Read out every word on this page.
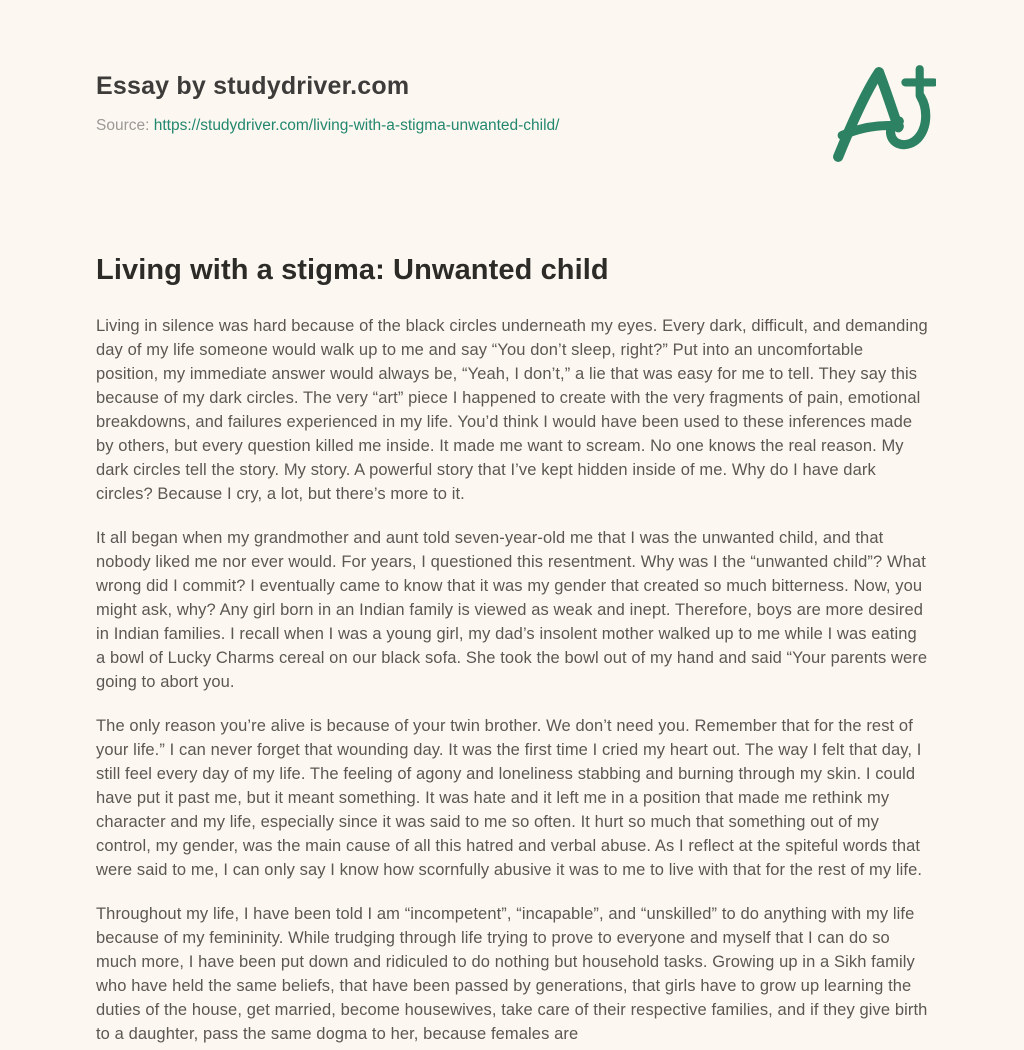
Essay by studydriver.com
Source: https://studydriver.com/living-with-a-stigma-unwanted-child/
Living with a stigma: Unwanted child

Living in silence was hard because of the black circles underneath my eyes. Every dark, difficult, and demanding day of my life someone would walk up to me and say “You don’t sleep, right?” Put into an uncomfortable position, my immediate answer would always be, “Yeah, I don’t,” a lie that was easy for me to tell. They say this because of my dark circles. The very “art” piece I happened to create with the very fragments of pain, emotional breakdowns, and failures experienced in my life. You’d think I would have been used to these inferences made by others, but every question killed me inside. It made me want to scream. No one knows the real reason. My dark circles tell the story. My story. A powerful story that I’ve kept hidden inside of me. Why do I have dark circles? Because I cry, a lot, but there’s more to it.

It all began when my grandmother and aunt told seven-year-old me that I was the unwanted child, and that nobody liked me nor ever would. For years, I questioned this resentment. Why was I the “unwanted child”? What wrong did I commit? I eventually came to know that it was my gender that created so much bitterness. Now, you might ask, why? Any girl born in an Indian family is viewed as weak and inept. Therefore, boys are more desired in Indian families. I recall when I was a young girl, my dad’s insolent mother walked up to me while I was eating a bowl of Lucky Charms cereal on our black sofa. She took the bowl out of my hand and said “Your parents were going to abort you.

The only reason you’re alive is because of your twin brother. We don’t need you. Remember that for the rest of your life.” I can never forget that wounding day. It was the first time I cried my heart out. The way I felt that day, I still feel every day of my life. The feeling of agony and loneliness stabbing and burning through my skin. I could have put it past me, but it meant something. It was hate and it left me in a position that made me rethink my character and my life, especially since it was said to me so often. It hurt so much that something out of my control, my gender, was the main cause of all this hatred and verbal abuse. As I reflect at the spiteful words that were said to me, I can only say I know how scornfully abusive it was to me to live with that for the rest of my life.

Throughout my life, I have been told I am “incompetent”, “incapable”, and “unskilled” to do anything with my life because of my femininity. While trudging through life trying to prove to everyone and myself that I can do so much more, I have been put down and ridiculed to do nothing but household tasks. Growing up in a Sikh family who have held the same beliefs, that have been passed by generations, that girls have to grow up learning the duties of the house, get married, become housewives, take care of their respective families, and if they give birth to a daughter, pass the same dogma to her, because females are
